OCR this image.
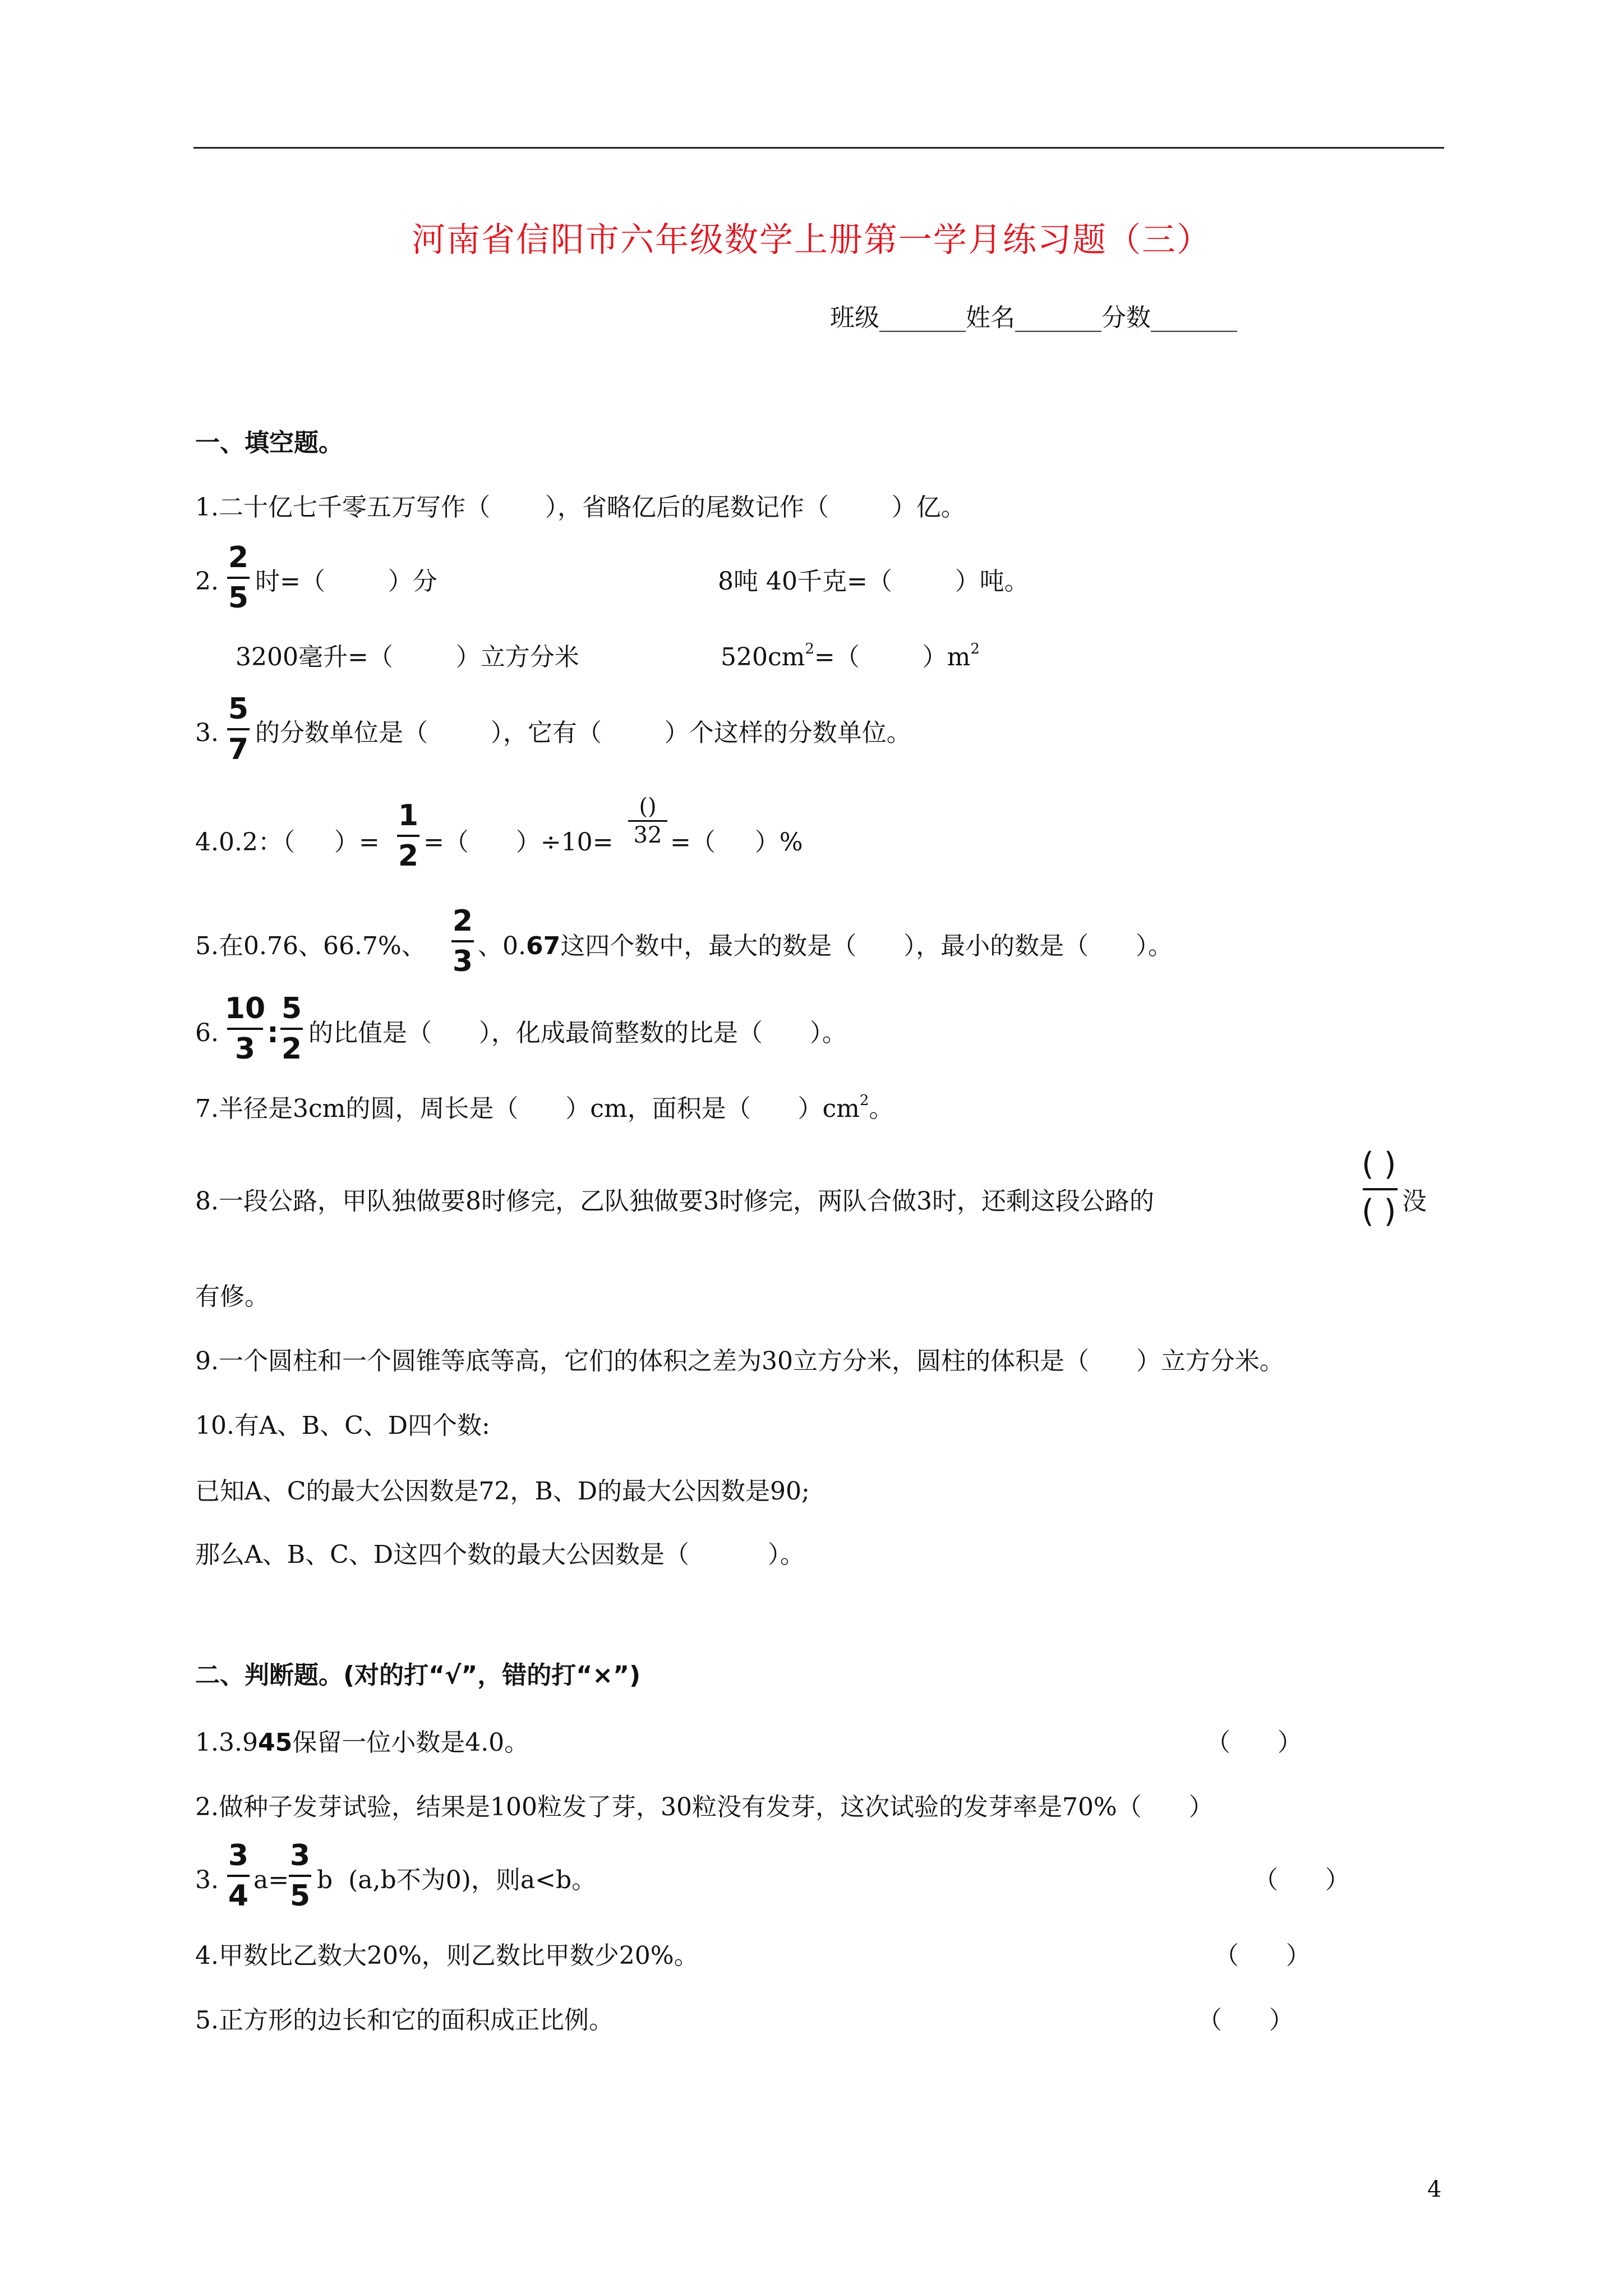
河南省信阳市六年级数学上册第一学月练习题（三）
班级_______姓名_______分数_______
一、填空题。
1.二十亿七千零五万写作（       ），省略亿后的尾数记作（        ）亿。
2.
2
5 时=（        ）分	8吨 40千克=（        ）吨。
3200毫升=（        ）立方分米	$520cm^2=$（        ）$m^2$
3.
5
7 的分数单位是（        ），它有（        ）个这样的分数单位。
4.0.2：（     ）=
1
2 =（      ）÷10=
()
32 =（     ）%
5.在0.76、66.7%、
2
3 、0.67这四个数中，最大的数是（      ），最小的数是（      ）。
6.
10
3 :
5
2 的比值是（      ），化成最简整数的比是（      ）。
7.半径是3cm的圆，周长是（      ）cm，面积是（      ）$cm^2$。
8.一段公路，甲队独做要8时修完，乙队独做要3时修完，两队合做3时，还剩这段公路的
( )
( ) 没
有修。
9.一个圆柱和一个圆锥等底等高，它们的体积之差为30立方分米，圆柱的体积是（      ）立方分米。
10.有A、B、C、D四个数:
已知A、C的最大公因数是72，B、D的最大公因数是90;
那么A、B、C、D这四个数的最大公因数是（          ）。
二、判断题。(对的打“√”，错的打“×”)
1.3.945保留一位小数是4.0。	（      ）
2.做种子发芽试验，结果是100粒发了芽，30粒没有发芽，这次试验的发芽率是70%（      ）
3.
3
4 a=
3
5 b  (a,b不为0)，则a<b。	（      ）
4.甲数比乙数大20%，则乙数比甲数少20%。	（      ）
5.正方形的边长和它的面积成正比例。	（      ）
4
